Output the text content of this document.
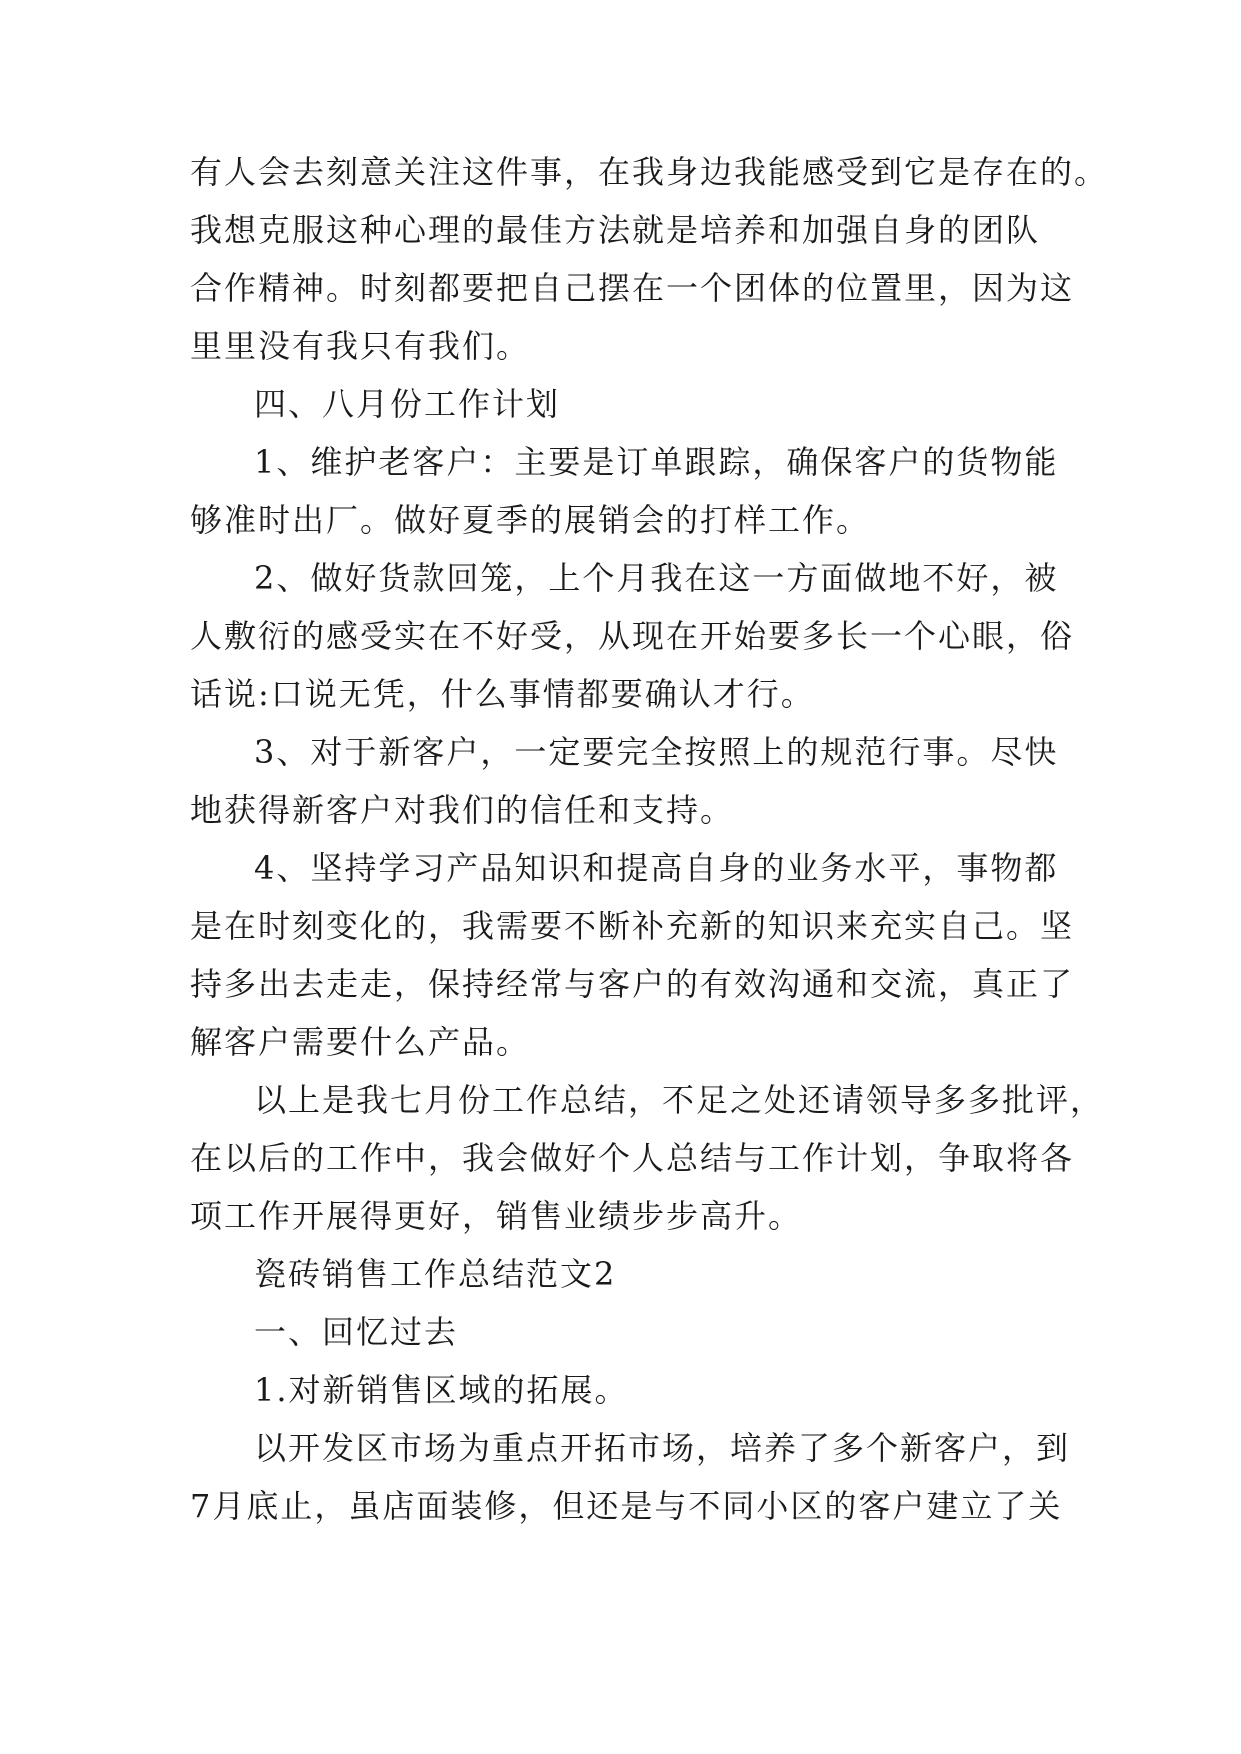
有人会去刻意关注这件事，在我身边我能感受到它是存在的。
我想克服这种心理的最佳方法就是培养和加强自身的团队
合作精神。时刻都要把自己摆在一个团体的位置里，因为这
里里没有我只有我们。
四、八月份工作计划
1、维护老客户：主要是订单跟踪，确保客户的货物能
够准时出厂。做好夏季的展销会的打样工作。
2、做好货款回笼，上个月我在这一方面做地不好，被
人敷衍的感受实在不好受，从现在开始要多长一个心眼，俗
话说:口说无凭，什么事情都要确认才行。
3、对于新客户，一定要完全按照上的规范行事。尽快
地获得新客户对我们的信任和支持。
4、坚持学习产品知识和提高自身的业务水平，事物都
是在时刻变化的，我需要不断补充新的知识来充实自己。坚
持多出去走走，保持经常与客户的有效沟通和交流，真正了
解客户需要什么产品。
以上是我七月份工作总结，不足之处还请领导多多批评，
在以后的工作中，我会做好个人总结与工作计划，争取将各
项工作开展得更好，销售业绩步步高升。
瓷砖销售工作总结范文2
一、回忆过去
1.对新销售区域的拓展。
以开发区市场为重点开拓市场，培养了多个新客户，到
7月底止，虽店面装修，但还是与不同小区的客户建立了关
